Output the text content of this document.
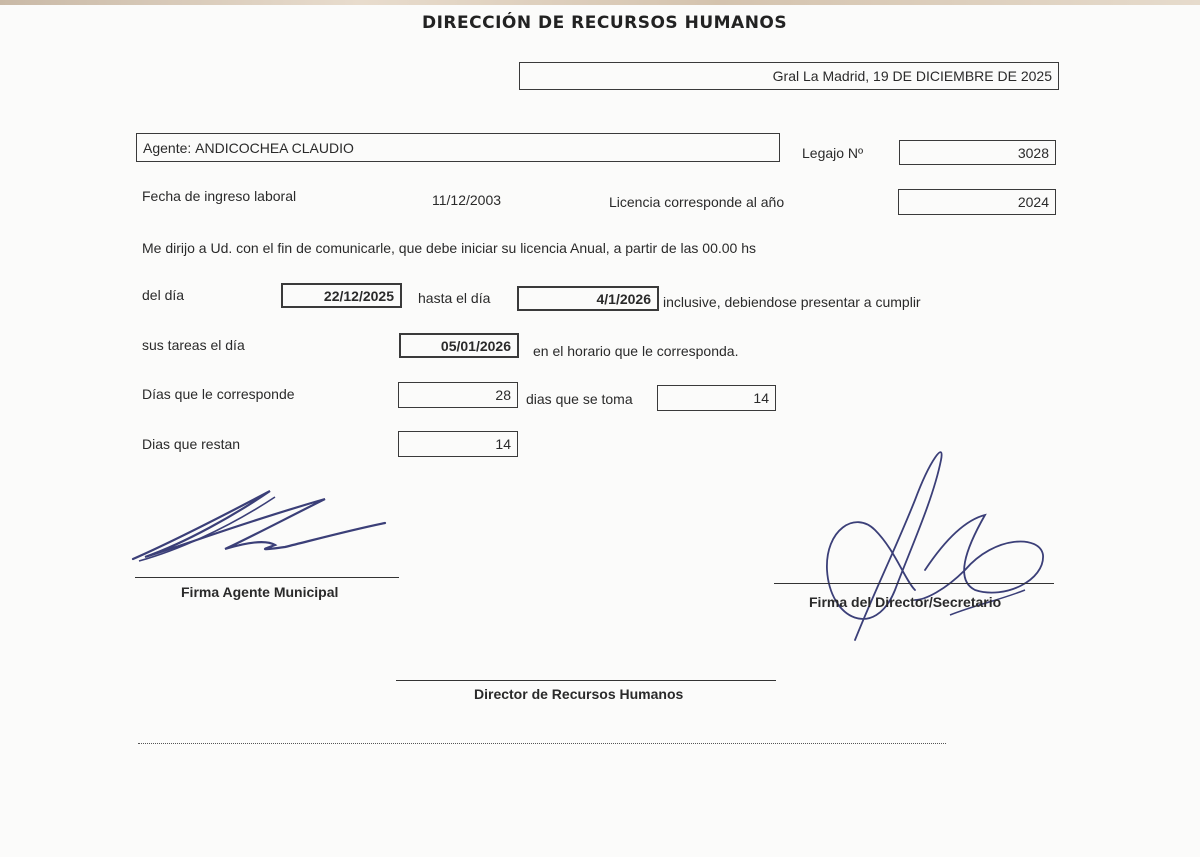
DIRECCIÓN DE RECURSOS HUMANOS
Gral La Madrid, 19 DE DICIEMBRE DE 2025
Agente:
ANDICOCHEA CLAUDIO	Legajo Nº	3028
Fecha de ingreso laboral	11/12/2003	Licencia corresponde al año	2024
Me dirijo a Ud. con el fin de comunicarle, que debe iniciar su licencia Anual, a partir de las 00.00 hs
del día	22/12/2025 hasta el día	4/1/2026 inclusive, debiendose presentar a cumplir
sus tareas el día	05/01/2026 en el horario que le corresponda.
Días que le corresponde	28 dias que se toma	14
Dias que restan	14
Firma Agente Municipal
Firma del Director/Secretario
Director de Recursos Humanos
